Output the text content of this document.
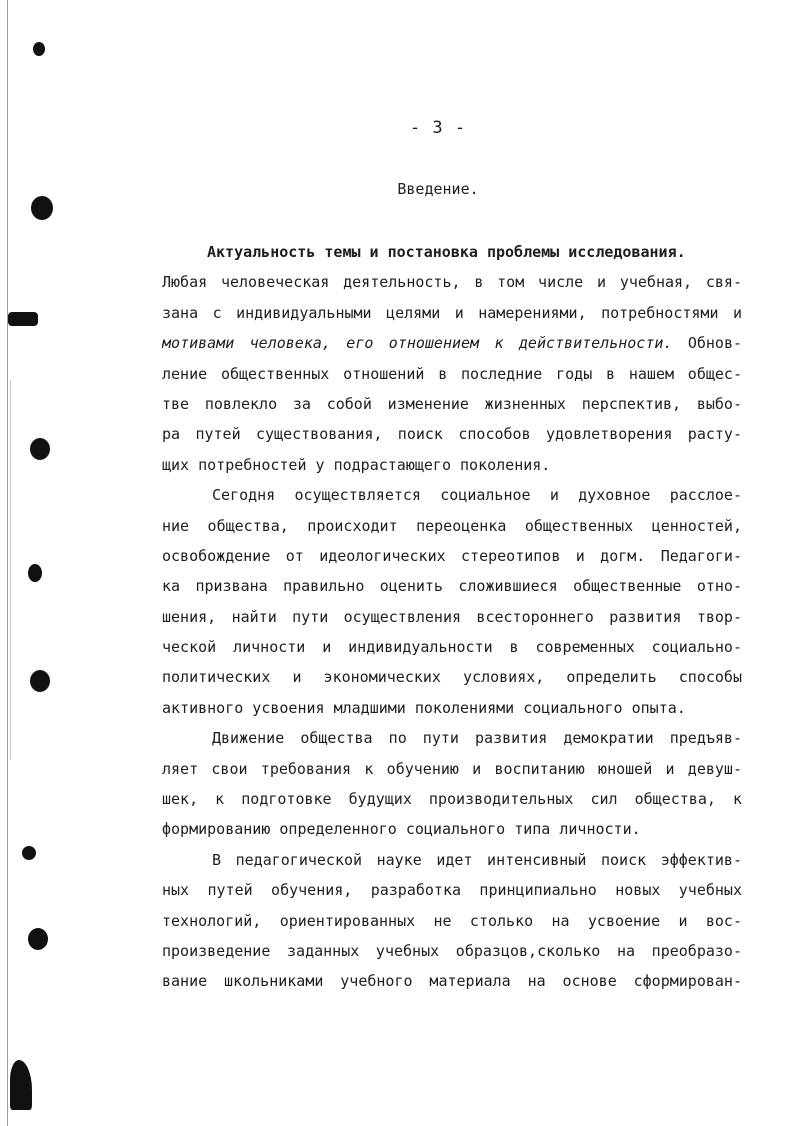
- 3 -
Введение.
Актуальность темы и постановка проблемы исследования.
Любая человеческая деятельность, в том числе и учебная, свя-
зана с индивидуальными целями и намерениями, потребностями и
мотивами человека, его отношением к действительности. Обнов-
ление общественных отношений в последние годы в нашем общес-
тве повлекло за собой изменение жизненных перспектив, выбо-
ра путей существования, поиск способов удовлетворения расту-
щих потребностей у подрастающего поколения.
Сегодня осуществляется социальное и духовное расслое-
ние общества, происходит переоценка общественных ценностей,
освобождение от идеологических стереотипов и догм. Педагоги-
ка призвана правильно оценить сложившиеся общественные отно-
шения, найти пути осуществления всестороннего развития твор-
ческой личности и индивидуальности в современных социально-
политических и экономических условиях, определить способы
активного усвоения младшими поколениями социального опыта.
Движение общества по пути развития демократии предъяв-
ляет свои требования к обучению и воспитанию юношей и девуш-
шек, к подготовке будущих производительных сил общества, к
формированию определенного социального типа личности.
В педагогической науке идет интенсивный поиск эффектив-
ных путей обучения, разработка принципиально новых учебных
технологий, ориентированных не столько на усвоение и вос-
произведение заданных учебных образцов,сколько на преобразо-
вание школьниками учебного материала на основе сформирован-
